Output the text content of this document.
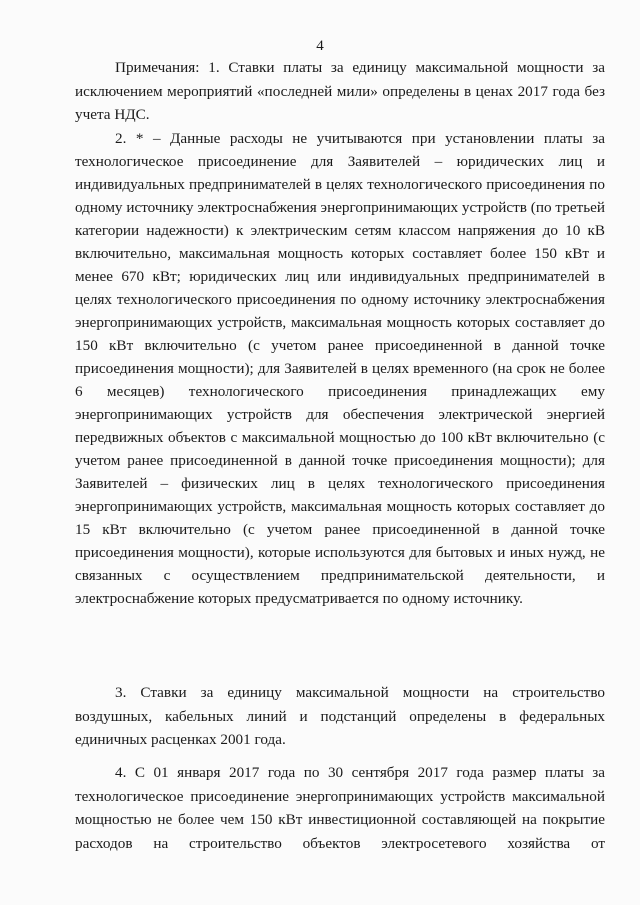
4

Примечания: 1. Ставки платы за единицу максимальной мощности за исключением мероприятий «последней мили» определены в ценах 2017 года без учета НДС.

2. * – Данные расходы не учитываются при установлении платы за технологическое присоединение для Заявителей – юридических лиц и индивидуальных предпринимателей в целях технологического присоединения по одному источнику электроснабжения энергопринимающих устройств (по третьей категории надежности) к электрическим сетям классом напряжения до 10 кВ включительно, максимальная мощность которых составляет более 150 кВт и менее 670 кВт; юридических лиц или индивидуальных предпринимателей в целях технологического присоединения по одному источнику электроснабжения энергопринимающих устройств, максимальная мощность которых составляет до 150 кВт включительно (с учетом ранее присоединенной в данной точке присоединения мощности); для Заявителей в целях временного (на срок не более 6 месяцев) технологического присоединения принадлежащих ему энергопринимающих устройств для обеспечения электрической энергией передвижных объектов с максимальной мощностью до 100 кВт включительно (с учетом ранее присоединенной в данной точке присоединения мощности); для Заявителей – физических лиц в целях технологического присоединения энергопринимающих устройств, максимальная мощность которых составляет до 15 кВт включительно (с учетом ранее присоединенной в данной точке присоединения мощности), которые используются для бытовых и иных нужд, не связанных с осуществлением предпринимательской деятельности, и электроснабжение которых предусматривается по одному источнику.

3. Ставки за единицу максимальной мощности на строительство воздушных, кабельных линий и подстанций определены в федеральных единичных расценках 2001 года.

4. С 01 января 2017 года по 30 сентября 2017 года размер платы за технологическое присоединение энергопринимающих устройств максимальной мощностью не более чем 150 кВт инвестиционной составляющей на покрытие расходов на строительство объектов электросетевого хозяйства от
